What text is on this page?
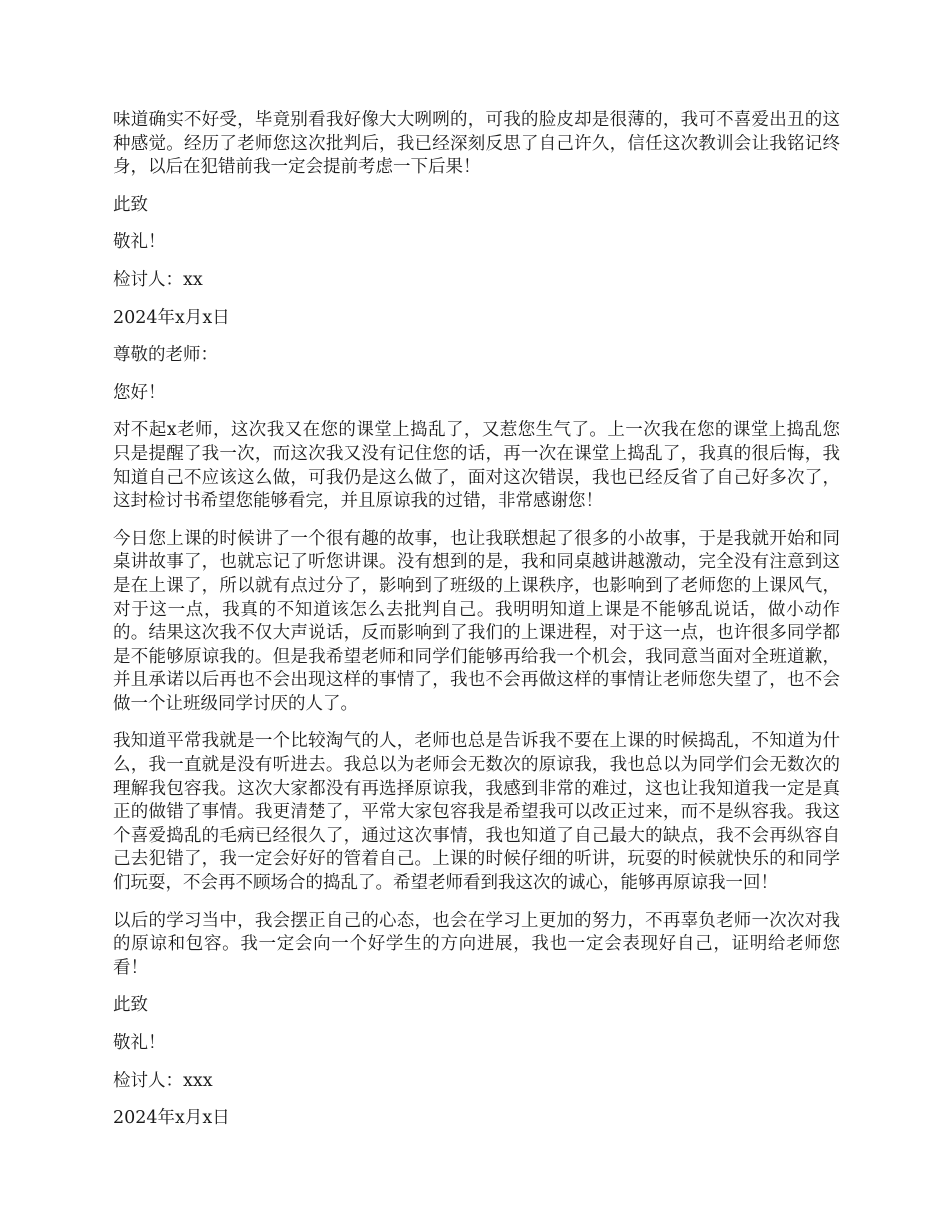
味道确实不好受，毕竟别看我好像大大咧咧的，可我的脸皮却是很薄的，我可不喜爱出丑的这种感觉。经历了老师您这次批判后，我已经深刻反思了自己许久，信任这次教训会让我铭记终身，以后在犯错前我一定会提前考虑一下后果！

此致

敬礼！

检讨人：xx

2024年x月x日

尊敬的老师：

您好！

对不起x老师，这次我又在您的课堂上捣乱了，又惹您生气了。上一次我在您的课堂上捣乱您只是提醒了我一次，而这次我又没有记住您的话，再一次在课堂上捣乱了，我真的很后悔，我知道自己不应该这么做，可我仍是这么做了，面对这次错误，我也已经反省了自己好多次了，这封检讨书希望您能够看完，并且原谅我的过错，非常感谢您！

今日您上课的时候讲了一个很有趣的故事，也让我联想起了很多的小故事，于是我就开始和同桌讲故事了，也就忘记了听您讲课。没有想到的是，我和同桌越讲越激动，完全没有注意到这是在上课了，所以就有点过分了，影响到了班级的上课秩序，也影响到了老师您的上课风气，对于这一点，我真的不知道该怎么去批判自己。我明明知道上课是不能够乱说话，做小动作的。结果这次我不仅大声说话，反而影响到了我们的上课进程，对于这一点，也许很多同学都是不能够原谅我的。但是我希望老师和同学们能够再给我一个机会，我同意当面对全班道歉，并且承诺以后再也不会出现这样的事情了，我也不会再做这样的事情让老师您失望了，也不会做一个让班级同学讨厌的人了。

我知道平常我就是一个比较淘气的人，老师也总是告诉我不要在上课的时候捣乱，不知道为什么，我一直就是没有听进去。我总以为老师会无数次的原谅我，我也总以为同学们会无数次的理解我包容我。这次大家都没有再选择原谅我，我感到非常的难过，这也让我知道我一定是真正的做错了事情。我更清楚了，平常大家包容我是希望我可以改正过来，而不是纵容我。我这个喜爱捣乱的毛病已经很久了，通过这次事情，我也知道了自己最大的缺点，我不会再纵容自己去犯错了，我一定会好好的管着自己。上课的时候仔细的听讲，玩耍的时候就快乐的和同学们玩耍，不会再不顾场合的捣乱了。希望老师看到我这次的诚心，能够再原谅我一回！

以后的学习当中，我会摆正自己的心态，也会在学习上更加的努力，不再辜负老师一次次对我的原谅和包容。我一定会向一个好学生的方向进展，我也一定会表现好自己，证明给老师您看！

此致

敬礼！

检讨人：xxx

2024年x月x日
